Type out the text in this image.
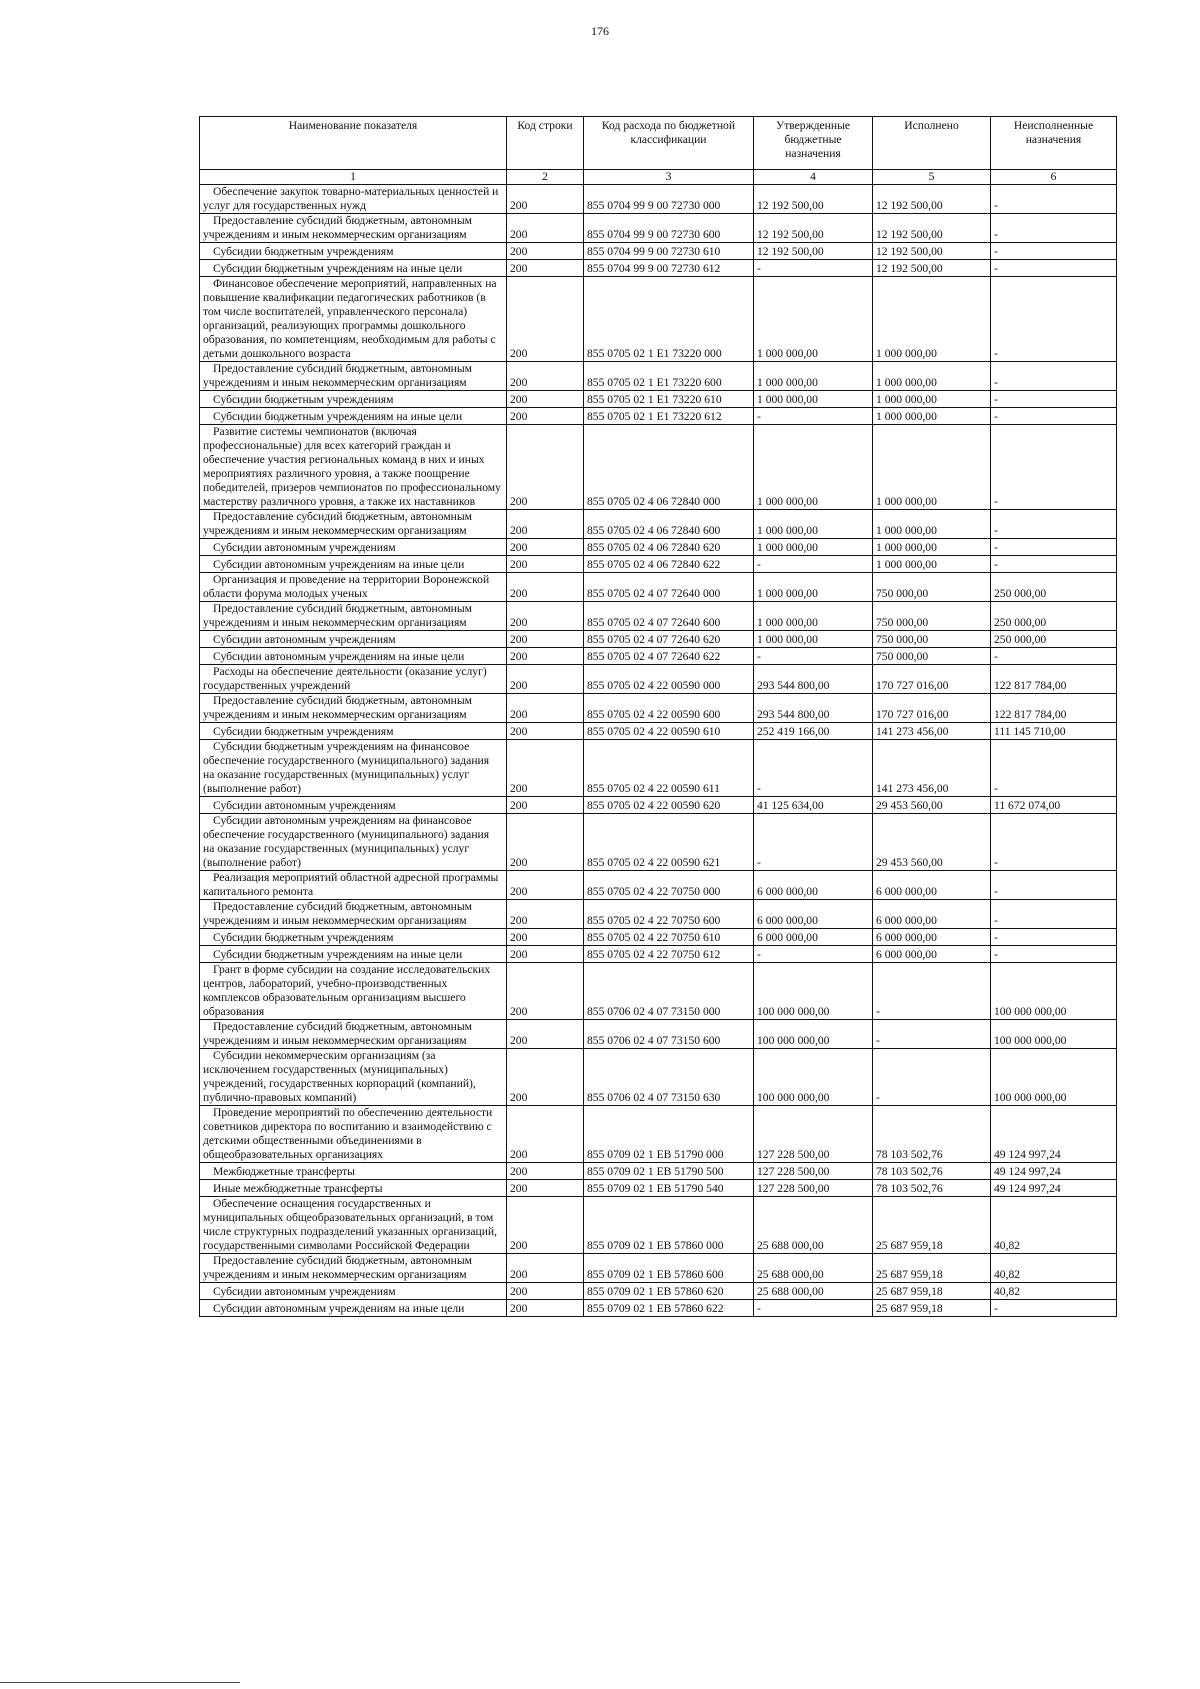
176
Наименование показателя	Код строки	Код расхода по бюджетной классификации	Утвержденные бюджетные назначения	Исполнено	Неисполненные назначения
1	2	3	4	5	6
Обеспечение закупок товарно-материальных ценностей и услуг для государственных нужд	200	855 0704 99 9 00 72730 000	12 192 500,00	12 192 500,00	-
Предоставление субсидий бюджетным, автономным учреждениям и иным некоммерческим организациям	200	855 0704 99 9 00 72730 600	12 192 500,00	12 192 500,00	-
Субсидии бюджетным учреждениям	200	855 0704 99 9 00 72730 610	12 192 500,00	12 192 500,00	-
Субсидии бюджетным учреждениям на иные цели	200	855 0704 99 9 00 72730 612	-	12 192 500,00	-
Финансовое обеспечение мероприятий, направленных на повышение квалификации педагогических работников (в том числе воспитателей, управленческого персонала) организаций, реализующих программы дошкольного образования, по компетенциям, необходимым для работы с детьми дошкольного возраста	200	855 0705 02 1 E1 73220 000	1 000 000,00	1 000 000,00	-
Предоставление субсидий бюджетным, автономным учреждениям и иным некоммерческим организациям	200	855 0705 02 1 E1 73220 600	1 000 000,00	1 000 000,00	-
Субсидии бюджетным учреждениям	200	855 0705 02 1 E1 73220 610	1 000 000,00	1 000 000,00	-
Субсидии бюджетным учреждениям на иные цели	200	855 0705 02 1 E1 73220 612	-	1 000 000,00	-
Развитие системы чемпионатов (включая профессиональные) для всех категорий граждан и обеспечение участия региональных команд в них и иных мероприятиях различного уровня, а также поощрение победителей, призеров чемпионатов по профессиональному мастерству различного уровня, а также их наставников	200	855 0705 02 4 06 72840 000	1 000 000,00	1 000 000,00	-
Предоставление субсидий бюджетным, автономным учреждениям и иным некоммерческим организациям	200	855 0705 02 4 06 72840 600	1 000 000,00	1 000 000,00	-
Субсидии автономным учреждениям	200	855 0705 02 4 06 72840 620	1 000 000,00	1 000 000,00	-
Субсидии автономным учреждениям на иные цели	200	855 0705 02 4 06 72840 622	-	1 000 000,00	-
Организация и проведение на территории Воронежской области форума молодых ученых	200	855 0705 02 4 07 72640 000	1 000 000,00	750 000,00	250 000,00
Предоставление субсидий бюджетным, автономным учреждениям и иным некоммерческим организациям	200	855 0705 02 4 07 72640 600	1 000 000,00	750 000,00	250 000,00
Субсидии автономным учреждениям	200	855 0705 02 4 07 72640 620	1 000 000,00	750 000,00	250 000,00
Субсидии автономным учреждениям на иные цели	200	855 0705 02 4 07 72640 622	-	750 000,00	-
Расходы на обеспечение деятельности (оказание услуг) государственных учреждений	200	855 0705 02 4 22 00590 000	293 544 800,00	170 727 016,00	122 817 784,00
Предоставление субсидий бюджетным, автономным учреждениям и иным некоммерческим организациям	200	855 0705 02 4 22 00590 600	293 544 800,00	170 727 016,00	122 817 784,00
Субсидии бюджетным учреждениям	200	855 0705 02 4 22 00590 610	252 419 166,00	141 273 456,00	111 145 710,00
Субсидии бюджетным учреждениям на финансовое обеспечение государственного (муниципального) задания на оказание государственных (муниципальных) услуг (выполнение работ)	200	855 0705 02 4 22 00590 611	-	141 273 456,00	-
Субсидии автономным учреждениям	200	855 0705 02 4 22 00590 620	41 125 634,00	29 453 560,00	11 672 074,00
Субсидии автономным учреждениям на финансовое обеспечение государственного (муниципального) задания на оказание государственных (муниципальных) услуг (выполнение работ)	200	855 0705 02 4 22 00590 621	-	29 453 560,00	-
Реализация мероприятий областной адресной программы капитального ремонта	200	855 0705 02 4 22 70750 000	6 000 000,00	6 000 000,00	-
Предоставление субсидий бюджетным, автономным учреждениям и иным некоммерческим организациям	200	855 0705 02 4 22 70750 600	6 000 000,00	6 000 000,00	-
Субсидии бюджетным учреждениям	200	855 0705 02 4 22 70750 610	6 000 000,00	6 000 000,00	-
Субсидии бюджетным учреждениям на иные цели	200	855 0705 02 4 22 70750 612	-	6 000 000,00	-
Грант в форме субсидии на создание исследовательских центров, лабораторий, учебно-производственных комплексов образовательным организациям высшего образования	200	855 0706 02 4 07 73150 000	100 000 000,00	-	100 000 000,00
Предоставление субсидий бюджетным, автономным учреждениям и иным некоммерческим организациям	200	855 0706 02 4 07 73150 600	100 000 000,00	-	100 000 000,00
Субсидии некоммерческим организациям (за исключением государственных (муниципальных) учреждений, государственных корпораций (компаний), публично-правовых компаний)	200	855 0706 02 4 07 73150 630	100 000 000,00	-	100 000 000,00
Проведение мероприятий по обеспечению деятельности советников директора по воспитанию и взаимодействию с детскими общественными объединениями в общеобразовательных организациях	200	855 0709 02 1 EB 51790 000	127 228 500,00	78 103 502,76	49 124 997,24
Межбюджетные трансферты	200	855 0709 02 1 EB 51790 500	127 228 500,00	78 103 502,76	49 124 997,24
Иные межбюджетные трансферты	200	855 0709 02 1 EB 51790 540	127 228 500,00	78 103 502,76	49 124 997,24
Обеспечение оснащения государственных и муниципальных общеобразовательных организаций, в том числе структурных подразделений указанных организаций, государственными символами Российской Федерации	200	855 0709 02 1 EB 57860 000	25 688 000,00	25 687 959,18	40,82
Предоставление субсидий бюджетным, автономным учреждениям и иным некоммерческим организациям	200	855 0709 02 1 EB 57860 600	25 688 000,00	25 687 959,18	40,82
Субсидии автономным учреждениям	200	855 0709 02 1 EB 57860 620	25 688 000,00	25 687 959,18	40,82
Субсидии автономным учреждениям на иные цели	200	855 0709 02 1 EB 57860 622	-	25 687 959,18	-
